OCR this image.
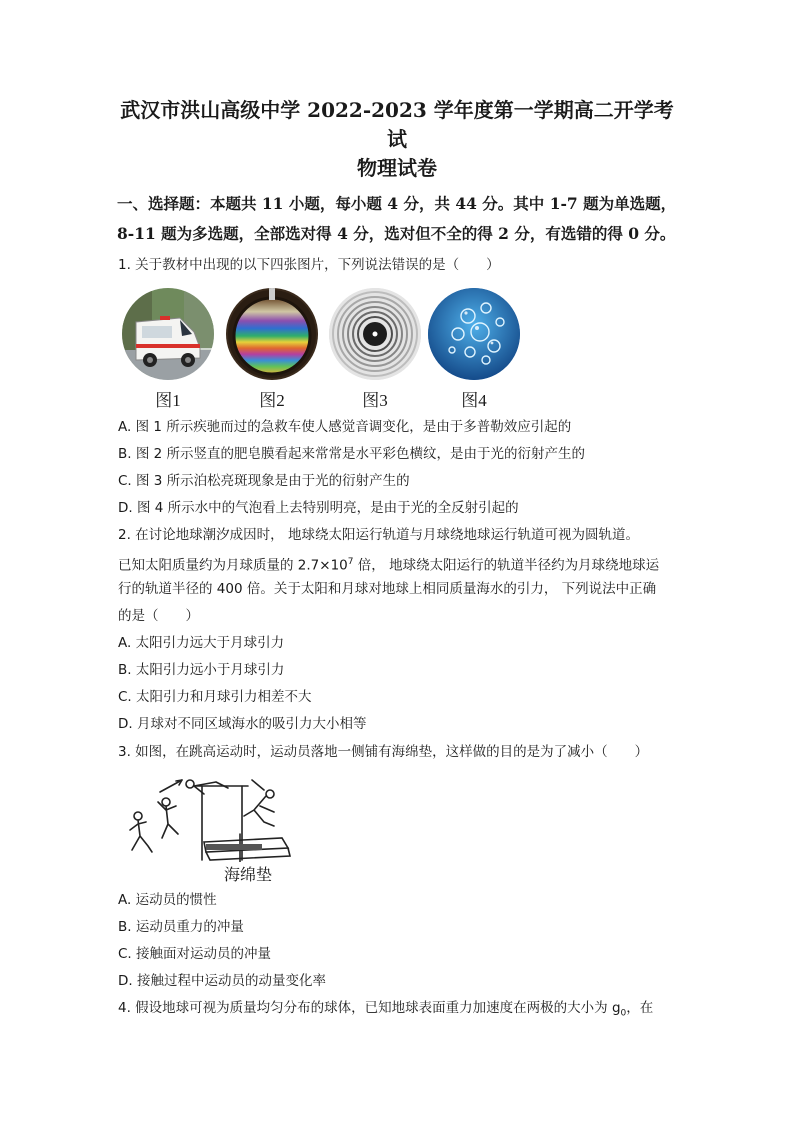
武汉市洪山高级中学 2022-2023 学年度第一学期高二开学考
试
物理试卷
一、选择题：本题共 11 小题，每小题 4 分，共 44 分。其中 1-7 题为单选题，
8-11 题为多选题，全部选对得 4 分，选对但不全的得 2 分，有选错的得 0 分。
1. 关于教材中出现的以下四张图片，下列说法错误的是（　　）
图1	图2	图3	图4
A. 图 1 所示疾驰而过的急救车使人感觉音调变化，是由于多普勒效应引起的
B. 图 2 所示竖直的肥皂膜看起来常常是水平彩色横纹，是由于光的衍射产生的
C. 图 3 所示泊松亮斑现象是由于光的衍射产生的
D. 图 4 所示水中的气泡看上去特别明亮，是由于光的全反射引起的
2. 在讨论地球潮汐成因时， 地球绕太阳运行轨道与月球绕地球运行轨道可视为圆轨道。
已知太阳质量约为月球质量的 $2.7\times 10^7$ 倍， 地球绕太阳运行的轨道半径约为月球绕地球运
行的轨道半径的 400 倍。关于太阳和月球对地球上相同质量海水的引力， 下列说法中正确
的是（　　）
A. 太阳引力远大于月球引力
B. 太阳引力远小于月球引力
C. 太阳引力和月球引力相差不大
D. 月球对不同区域海水的吸引力大小相等
3. 如图，在跳高运动时，运动员落地一侧铺有海绵垫，这样做的目的是为了减小（　　）
海绵垫
A. 运动员的惯性
B. 运动员重力的冲量
C. 接触面对运动员的冲量
D. 接触过程中运动员的动量变化率
4. 假设地球可视为质量均匀分布的球体，已知地球表面重力加速度在两极的大小为 $g_0$，在
